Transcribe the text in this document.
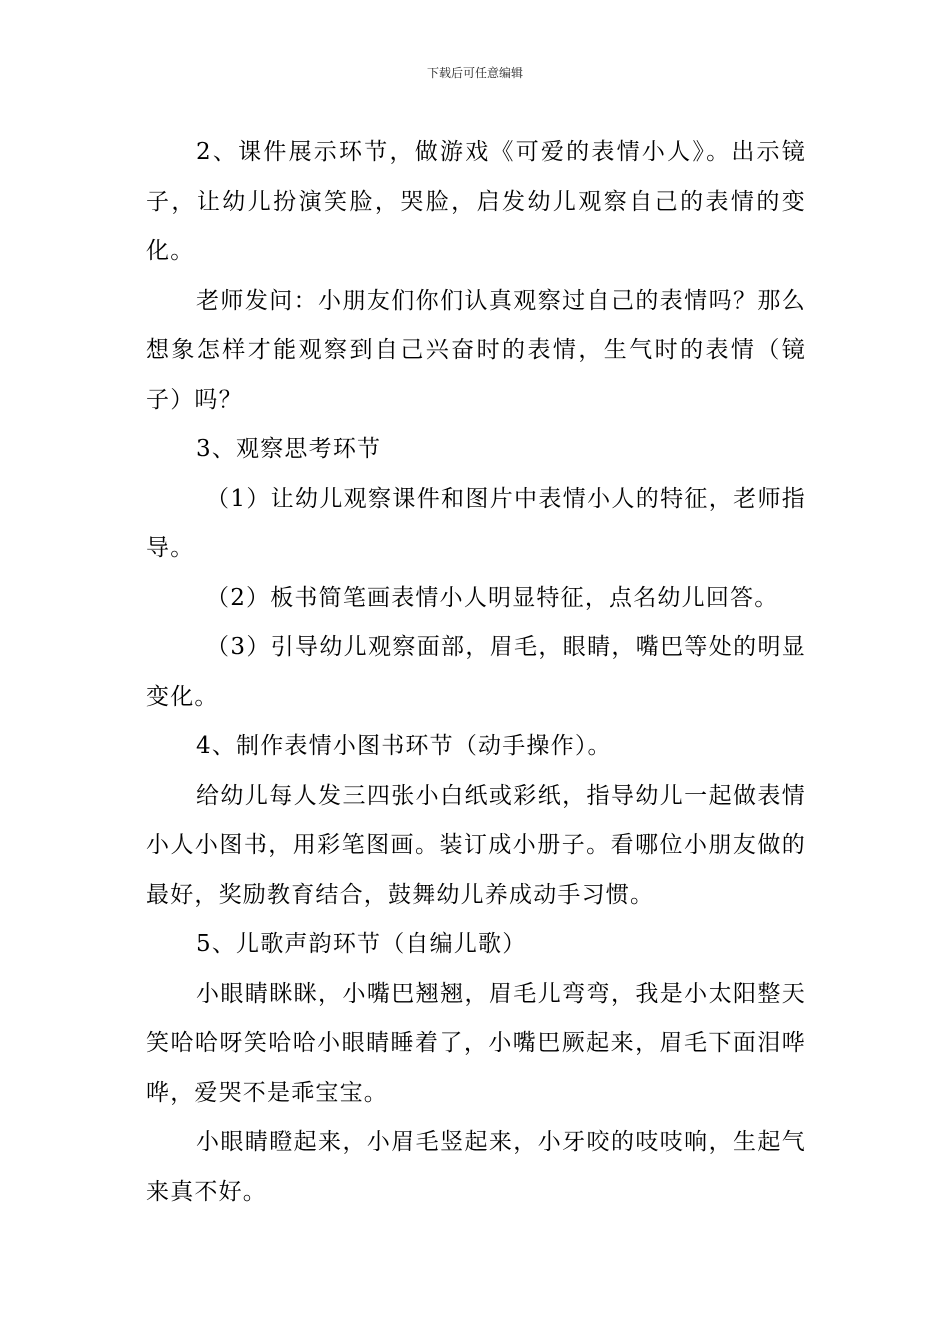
下载后可任意编辑

2、课件展示环节，做游戏《可爱的表情小人》。出示镜子，让幼儿扮演笑脸，哭脸，启发幼儿观察自己的表情的变化。

老师发问：小朋友们你们认真观察过自己的表情吗？那么想象怎样才能观察到自己兴奋时的表情，生气时的表情（镜子）吗？

3、观察思考环节

（1）让幼儿观察课件和图片中表情小人的特征，老师指导。

（2）板书简笔画表情小人明显特征，点名幼儿回答。

（3）引导幼儿观察面部，眉毛，眼睛，嘴巴等处的明显变化。

4、制作表情小图书环节（动手操作）。

给幼儿每人发三四张小白纸或彩纸，指导幼儿一起做表情小人小图书，用彩笔图画。装订成小册子。看哪位小朋友做的最好，奖励教育结合，鼓舞幼儿养成动手习惯。

5、儿歌声韵环节（自编儿歌）

小眼睛眯眯，小嘴巴翘翘，眉毛儿弯弯，我是小太阳整天笑哈哈呀笑哈哈小眼睛睡着了，小嘴巴厥起来，眉毛下面泪哗哗，爱哭不是乖宝宝。

小眼睛瞪起来，小眉毛竖起来，小牙咬的吱吱响，生起气来真不好。
